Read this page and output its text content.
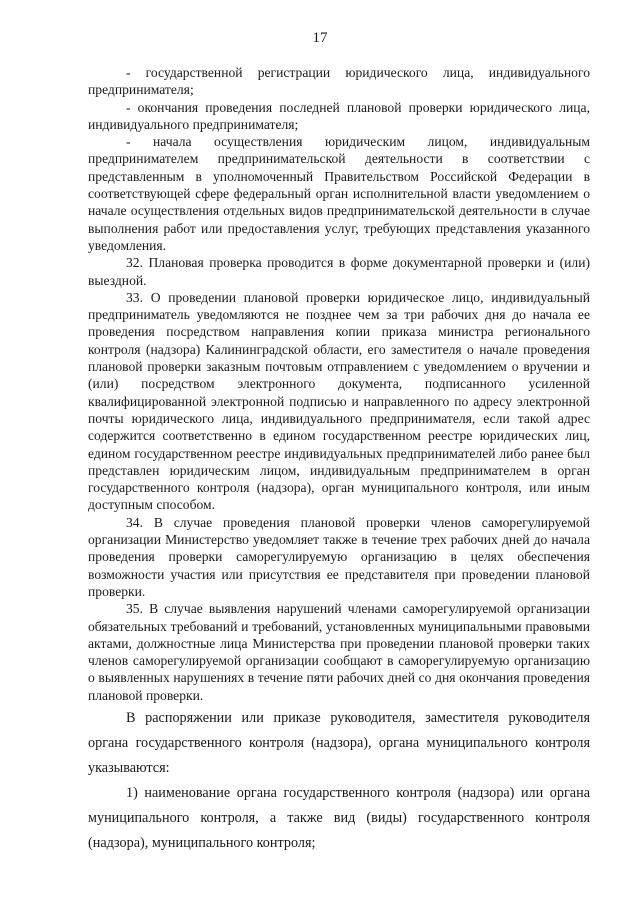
17

- государственной регистрации юридического лица, индивидуального предпринимателя;

- окончания проведения последней плановой проверки юридического лица, индивидуального предпринимателя;

- начала осуществления юридическим лицом, индивидуальным предпринимателем предпринимательской деятельности в соответствии с представленным в уполномоченный Правительством Российской Федерации в соответствующей сфере федеральный орган исполнительной власти уведомлением о начале осуществления отдельных видов предпринимательской деятельности в случае выполнения работ или предоставления услуг, требующих представления указанного уведомления.

32. Плановая проверка проводится в форме документарной проверки и (или) выездной.

33. О проведении плановой проверки юридическое лицо, индивидуальный предприниматель уведомляются не позднее чем за три рабочих дня до начала ее проведения посредством направления копии приказа министра регионального контроля (надзора) Калининградской области, его заместителя о начале проведения плановой проверки заказным почтовым отправлением с уведомлением о вручении и (или) посредством электронного документа, подписанного усиленной квалифицированной электронной подписью и направленного по адресу электронной почты юридического лица, индивидуального предпринимателя, если такой адрес содержится соответственно в едином государственном реестре юридических лиц, едином государственном реестре индивидуальных предпринимателей либо ранее был представлен юридическим лицом, индивидуальным предпринимателем в орган государственного контроля (надзора), орган муниципального контроля, или иным доступным способом.

34. В случае проведения плановой проверки членов саморегулируемой организации Министерство уведомляет также в течение трех рабочих дней до начала проведения проверки саморегулируемую организацию в целях обеспечения возможности участия или присутствия ее представителя при проведении плановой проверки.

35. В случае выявления нарушений членами саморегулируемой организации обязательных требований и требований, установленных муниципальными правовыми актами, должностные лица Министерства при проведении плановой проверки таких членов саморегулируемой организации сообщают в саморегулируемую организацию о выявленных нарушениях в течение пяти рабочих дней со дня окончания проведения плановой проверки.

В распоряжении или приказе руководителя, заместителя руководителя органа государственного контроля (надзора), органа муниципального контроля указываются:

1) наименование органа государственного контроля (надзора) или органа муниципального контроля, а также вид (виды) государственного контроля (надзора), муниципального контроля;
